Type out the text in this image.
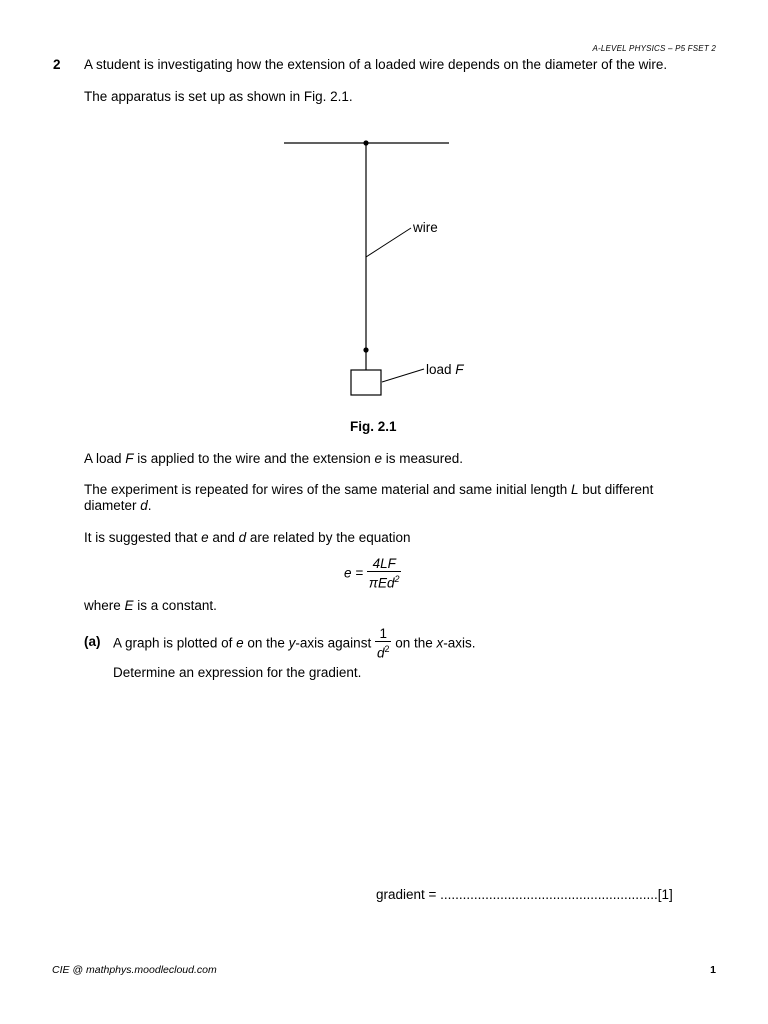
A-LEVEL PHYSICS – P5 FSET 2
2 A student is investigating how the extension of a loaded wire depends on the diameter of the wire.
The apparatus is set up as shown in Fig. 2.1.
wire
load F
Fig. 2.1
A load F is applied to the wire and the extension e is measured.
The experiment is repeated for wires of the same material and same initial length L but different diameter d.
It is suggested that e and d are related by the equation
$e = \frac{4LF}{\pi Ed^2}$
where E is a constant.
(a) A graph is plotted of e on the y-axis against $\frac{1}{d^2}$ on the x-axis.
Determine an expression for the gradient.
gradient = ..........................................................[1]
CIE @ mathphys.moodlecloud.com	1
